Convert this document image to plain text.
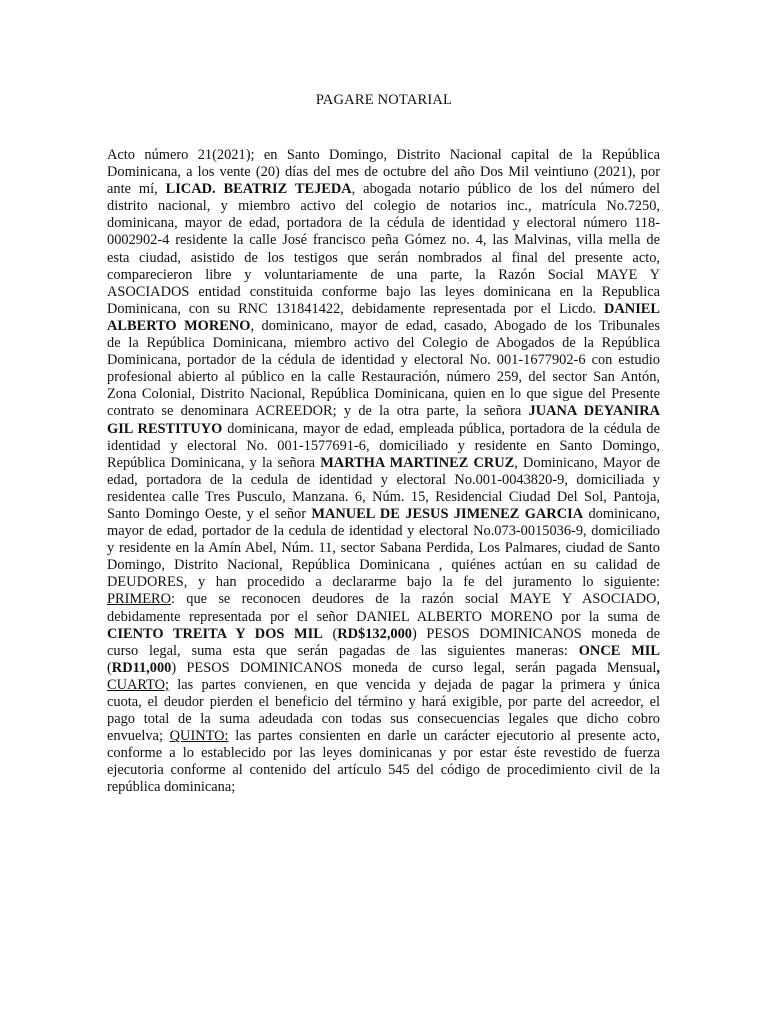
PAGARE NOTARIAL
Acto número 21(2021); en Santo Domingo, Distrito Nacional capital de la República
Dominicana, a los vente (20) días del mes de octubre del año Dos Mil veintiuno (2021), por
ante mí, LICAD. BEATRIZ TEJEDA, abogada notario público de los del número del
distrito nacional, y miembro activo del colegio de notarios inc., matrícula No.7250,
dominicana, mayor de edad, portadora de la cédula de identidad y electoral número 118-
0002902-4 residente la calle José francisco peña Gómez no. 4, las Malvinas, villa mella de
esta ciudad, asistido de los testigos que serán nombrados al final del presente acto,
comparecieron libre y voluntariamente de una parte, la Razón Social MAYE Y
ASOCIADOS entidad constituida conforme bajo las leyes dominicana en la Republica
Dominicana, con su RNC 131841422, debidamente representada por el Licdo. DANIEL
ALBERTO MORENO, dominicano, mayor de edad, casado, Abogado de los Tribunales
de la República Dominicana, miembro activo del Colegio de Abogados de la República
Dominicana, portador de la cédula de identidad y electoral No. 001-1677902-6 con estudio
profesional abierto al público en la calle Restauración, número 259, del sector San Antón,
Zona Colonial, Distrito Nacional, República Dominicana, quien en lo que sigue del Presente
contrato se denominara ACREEDOR; y de la otra parte, la señora JUANA DEYANIRA
GIL RESTITUYO dominicana, mayor de edad, empleada pública, portadora de la cédula de
identidad y electoral No. 001-1577691-6, domiciliado y residente en Santo Domingo,
República Dominicana, y la señora MARTHA MARTINEZ CRUZ, Dominicano, Mayor de
edad, portadora de la cedula de identidad y electoral No.001-0043820-9, domiciliada y
residentea calle Tres Pusculo, Manzana. 6, Núm. 15, Residencial Ciudad Del Sol, Pantoja,
Santo Domingo Oeste, y el señor MANUEL DE JESUS JIMENEZ GARCIA dominicano,
mayor de edad, portador de la cedula de identidad y electoral No.073-0015036-9, domiciliado
y residente en la Amín Abel, Núm. 11, sector Sabana Perdida, Los Palmares, ciudad de Santo
Domingo, Distrito Nacional, República Dominicana , quiénes actúan en su calidad de
DEUDORES, y han procedido a declararme bajo la fe del juramento lo siguiente:
PRIMERO: que se reconocen deudores de la razón social MAYE Y ASOCIADO,
debidamente representada por el señor DANIEL ALBERTO MORENO por la suma de
CIENTO TREITA Y DOS MIL (RD$132,000) PESOS DOMINICANOS moneda de
curso legal, suma esta que serán pagadas de las siguientes maneras: ONCE MIL
(RD11,000) PESOS DOMINICANOS moneda de curso legal, serán pagada Mensual,
CUARTO; las partes convienen, en que vencida y dejada de pagar la primera y única
cuota, el deudor pierden el beneficio del término y hará exigible, por parte del acreedor, el
pago total de la suma adeudada con todas sus consecuencias legales que dicho cobro
envuelva; QUINTO: las partes consienten en darle un carácter ejecutorio al presente acto,
conforme a lo establecido por las leyes dominicanas y por estar éste revestido de fuerza
ejecutoria conforme al contenido del artículo 545 del código de procedimiento civil de la
república dominicana;
